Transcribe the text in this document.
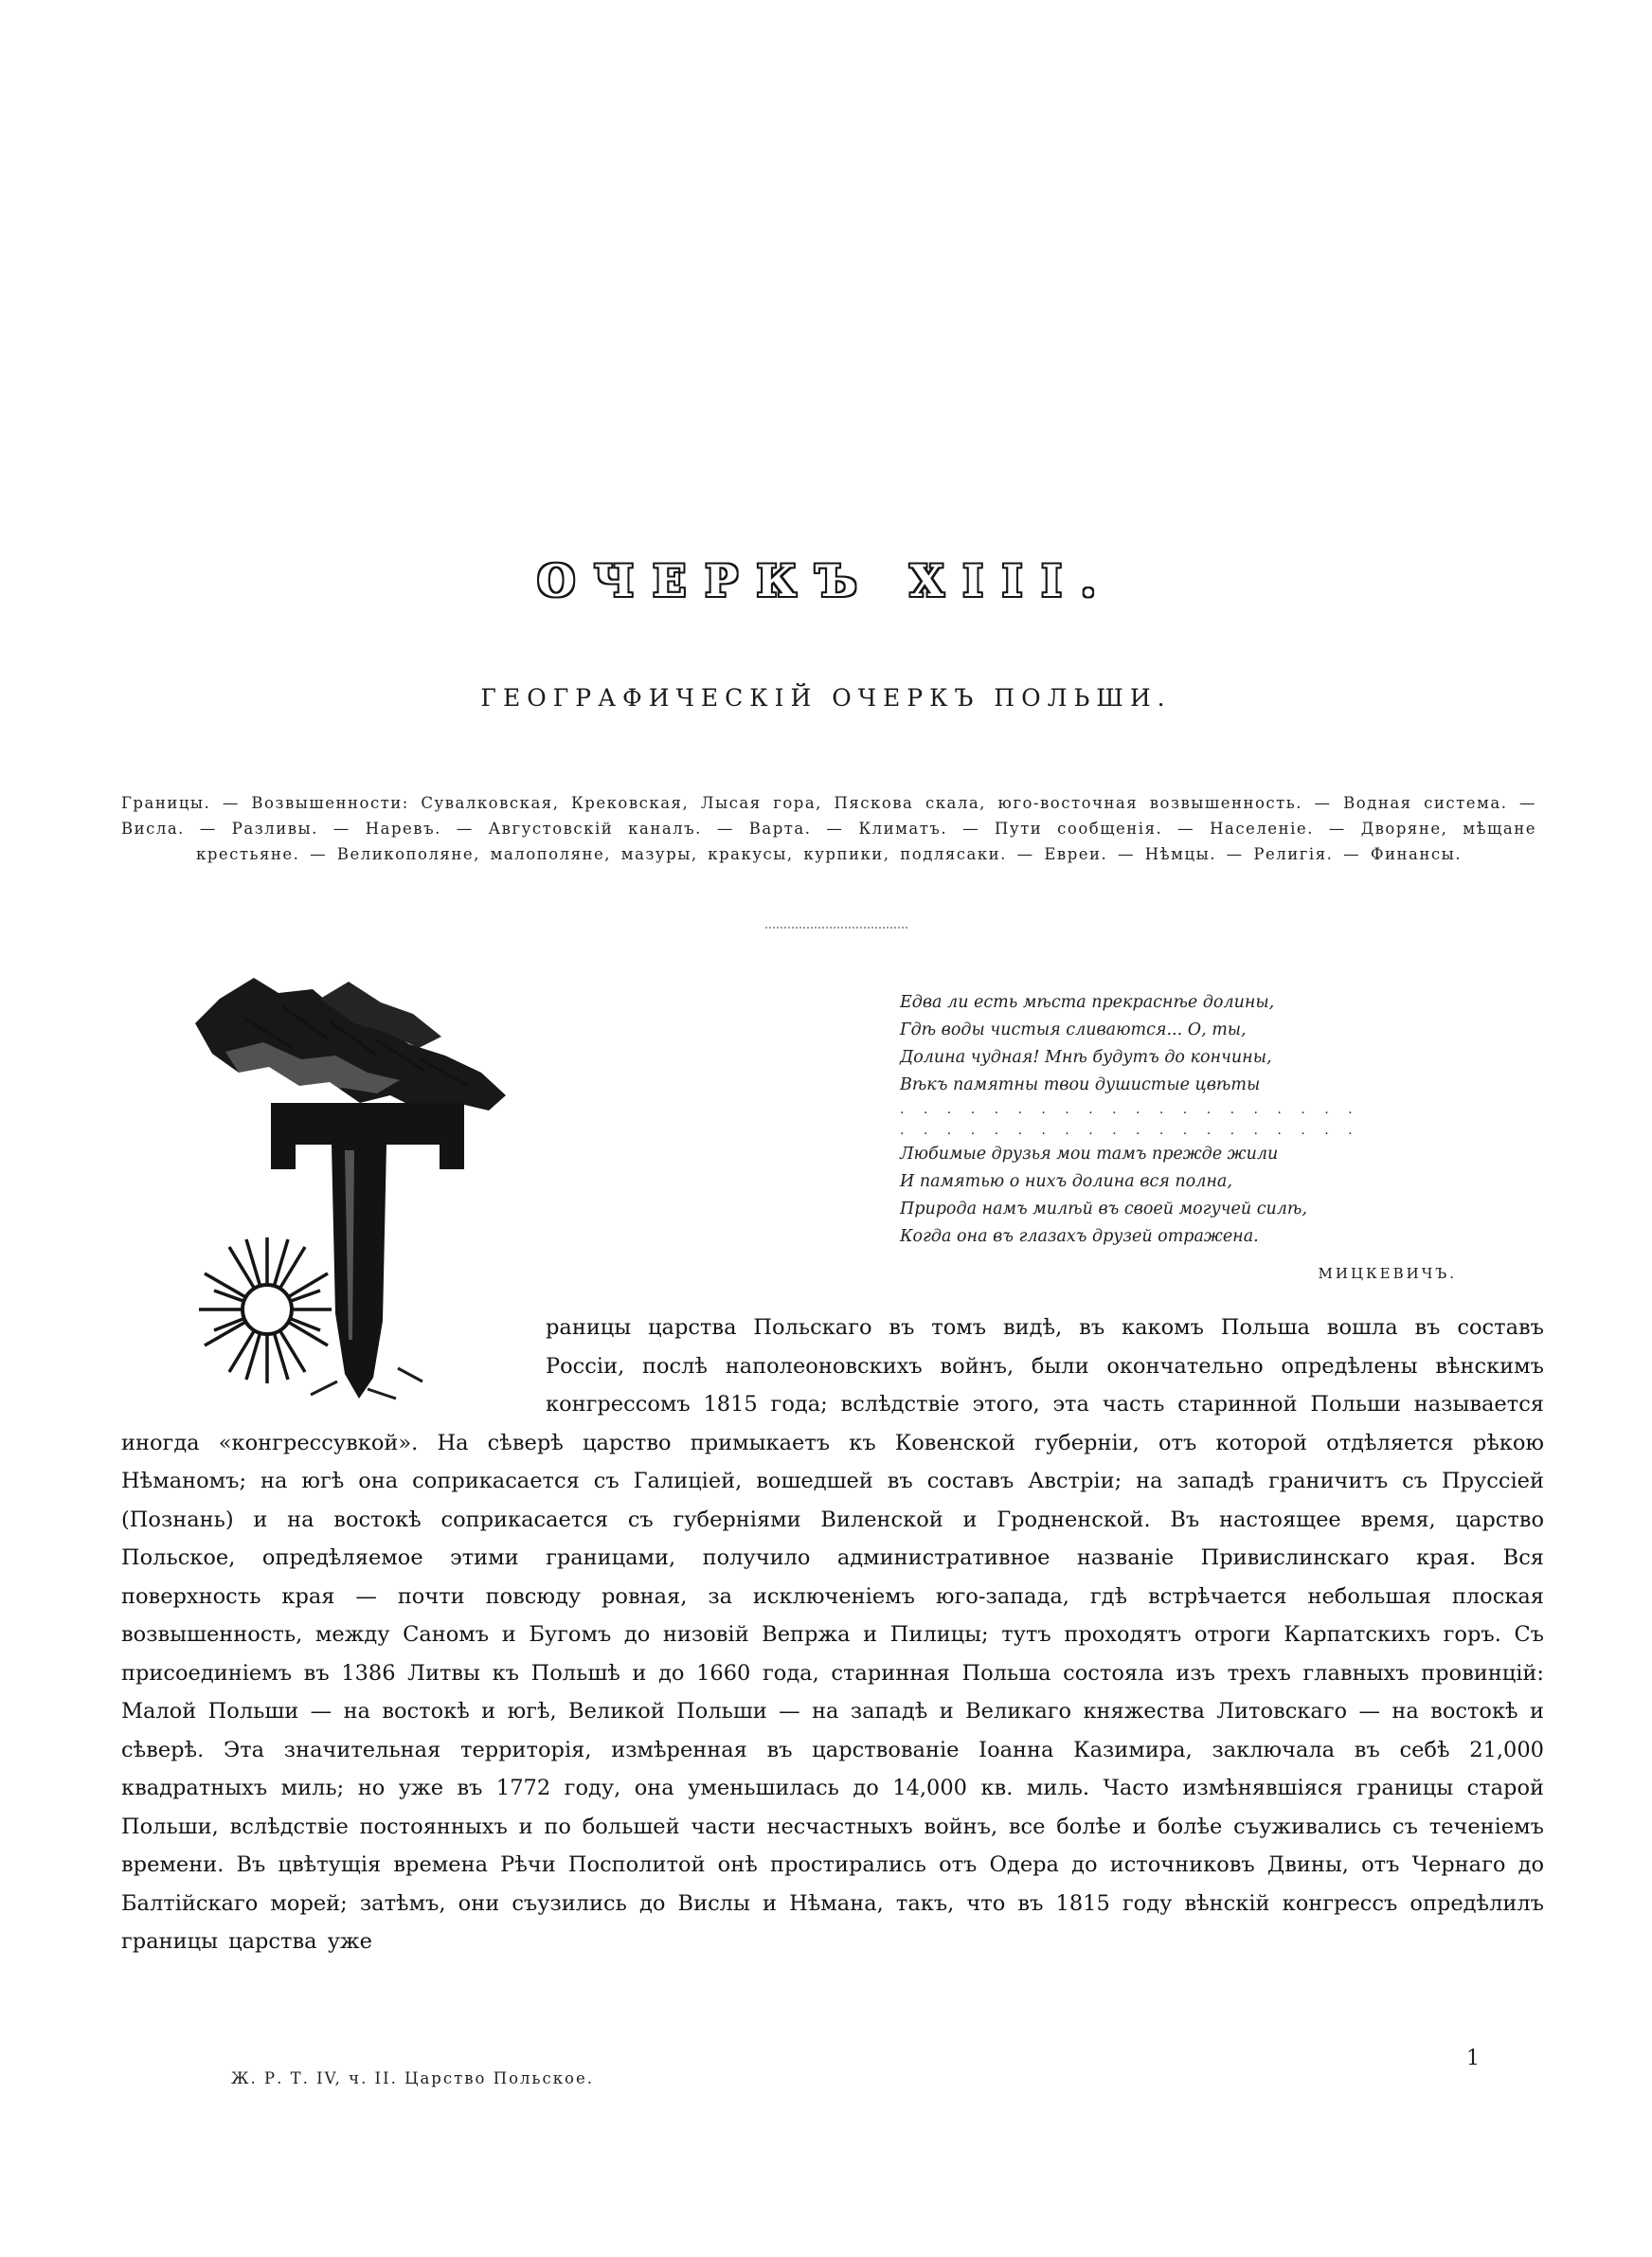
ОЧЕРКЪ XIII.
ГЕОГРАФИЧЕСКІЙ ОЧЕРКЪ ПОЛЬШИ.
Границы. — Возвышенности: Сувалковская, Крековская, Лысая гора, Пяскова скала, юго-восточная возвышенность. — Водная система. — Висла. — Разливы. — Наревъ. — Августовскій каналъ. — Варта. — Климатъ. — Пути сообщенія. — Населеніе. — Дворяне, мѣщане крестьяне. — Великополяне, малополяне, мазуры, кракусы, курпики, подлясаки. — Евреи. — Нѣмцы. — Религія. — Финансы.
Едва ли есть мѣста прекраснѣе долины,
Гдѣ воды чистыя сливаются... О, ты,
Долина чудная! Мнѣ будутъ до кончины,
Вѣкъ памятны твои душистые цвѣты
. . . . . . . . . . . . . . . . . . . .
. . . . . . . . . . . . . . . . . . . .
Любимые друзья мои тамъ прежде жили
И памятью о нихъ долина вся полна,
Природа намъ милѣй въ своей могучей силѣ,
Когда она въ глазахъ друзей отражена.
МИЦКЕВИЧЪ.

раницы царства Польскаго въ томъ видѣ, въ какомъ Польша вошла въ составъ Россіи, послѣ наполеоновскихъ войнъ, были окончательно опредѣлены вѣнскимъ конгрессомъ 1815 года; вслѣдствіе этого, эта часть старинной Польши называется иногда «конгрессувкой». На сѣверѣ царство примыкаетъ къ Ковенской губерніи, отъ которой отдѣляется рѣкою Нѣманомъ; на югѣ она соприкасается съ Галиціей, вошедшей въ составъ Австріи; на западѣ граничитъ съ Пруссіей (Познань) и на востокѣ соприкасается съ губерніями Виленской и Гродненской. Въ настоящее время, царство Польское, опредѣляемое этими границами, получило административное названіе Привислинскаго края. Вся поверхность края — почти повсюду ровная, за исключеніемъ юго-запада, гдѣ встрѣчается небольшая плоская возвышенность, между Саномъ и Бугомъ до низовій Вепржа и Пилицы; тутъ проходятъ отроги Карпатскихъ горъ. Съ присоединіемъ въ 1386 Литвы къ Польшѣ и до 1660 года, старинная Польша состояла изъ трехъ главныхъ провинцій: Малой Польши — на востокѣ и югѣ, Великой Польши — на западѣ и Великаго княжества Литовскаго — на востокѣ и сѣверѣ. Эта значительная территорія, измѣренная въ царствованіе Іоанна Казимира, заключала въ себѣ 21,000 квадратныхъ миль; но уже въ 1772 году, она уменьшилась до 14,000 кв. миль. Часто измѣнявшіяся границы старой Польши, вслѣдствіе постоянныхъ и по большей части несчастныхъ войнъ, все болѣе и болѣе съуживались съ теченіемъ времени. Въ цвѣтущія времена Рѣчи Посполитой онѣ простирались отъ Одера до источниковъ Двины, отъ Чернаго до Балтійскаго морей; затѣмъ, они съузились до Вислы и Нѣмана, такъ, что въ 1815 году вѣнскій конгрессъ опредѣлилъ границы царства уже

Ж. Р. Т. IV, ч. II. Царство Польское.
1
